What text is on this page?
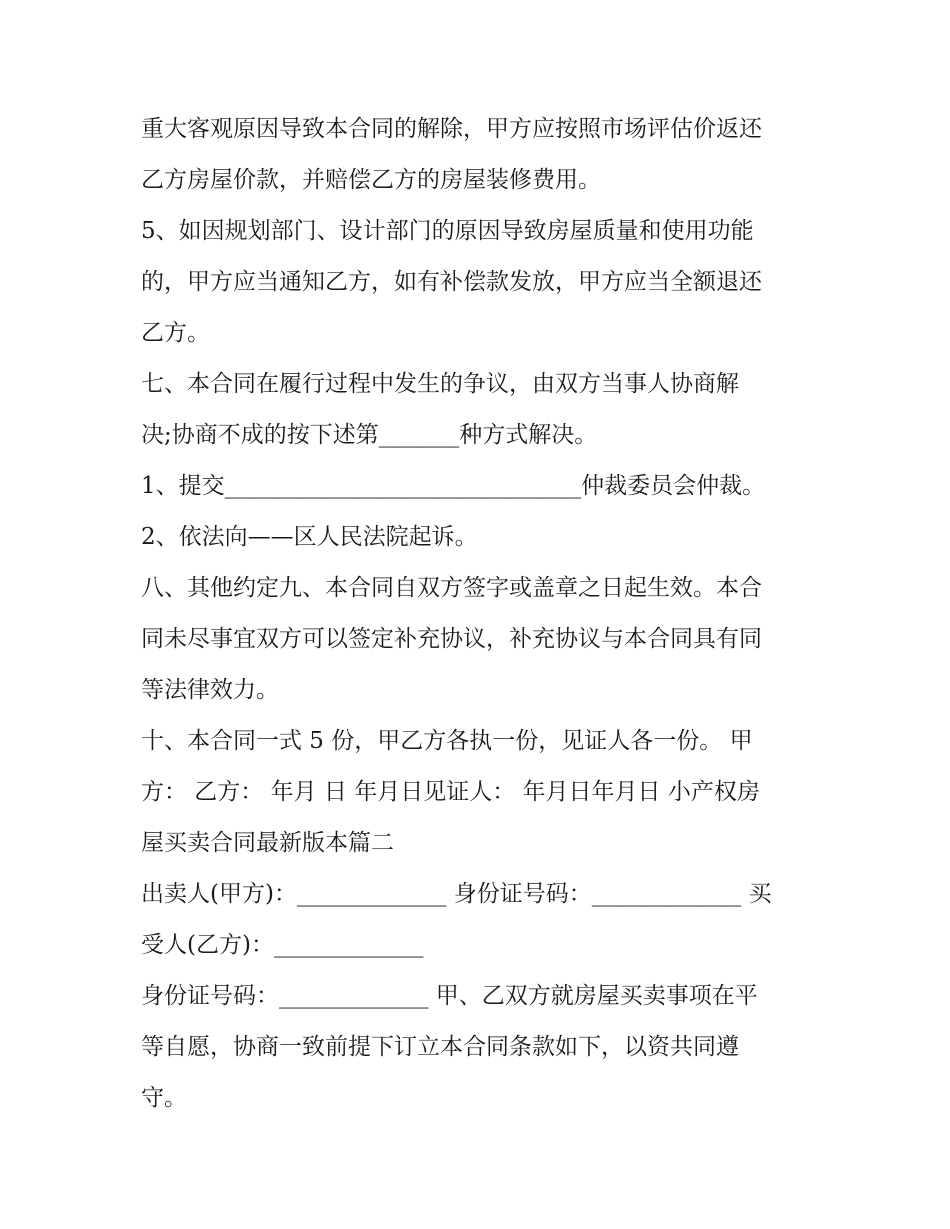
重大客观原因导致本合同的解除，甲方应按照市场评估价返还
乙方房屋价款，并赔偿乙方的房屋装修费用。
5、如因规划部门、设计部门的原因导致房屋质量和使用功能
的，甲方应当通知乙方，如有补偿款发放，甲方应当全额退还
乙方。
七、本合同在履行过程中发生的争议，由双方当事人协商解
决;协商不成的按下述第_______种方式解决。
1、提交_______________________________仲裁委员会仲裁。
2、依法向——区人民法院起诉。
八、其他约定九、本合同自双方签字或盖章之日起生效。本合
同未尽事宜双方可以签定补充协议，补充协议与本合同具有同
等法律效力。
十、本合同一式 5 份，甲乙方各执一份，见证人各一份。 甲
方： 乙方： 年月 日 年月日见证人： 年月日年月日 小产权房
屋买卖合同最新版本篇二
出卖人(甲方)：_____________ 身份证号码：_____________ 买
受人(乙方)：_____________
身份证号码：_____________ 甲、乙双方就房屋买卖事项在平
等自愿，协商一致前提下订立本合同条款如下，以资共同遵
守。
